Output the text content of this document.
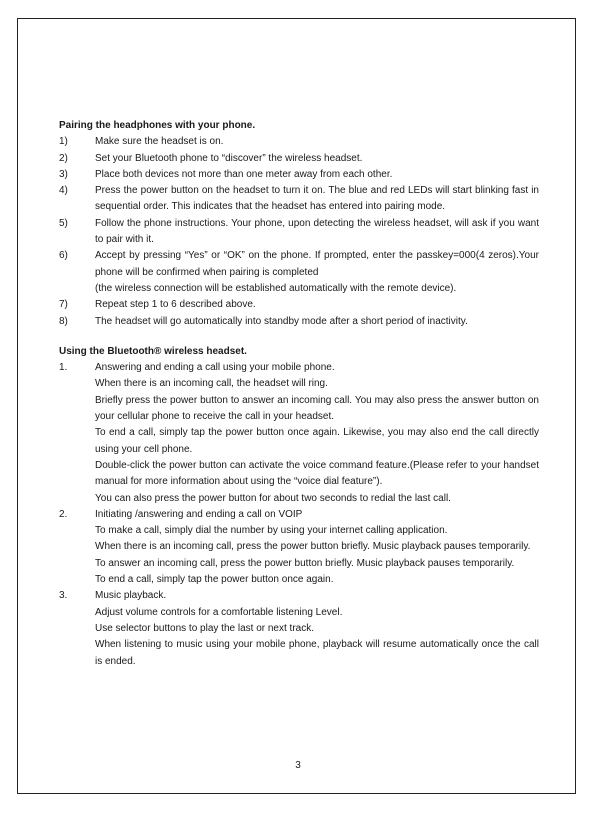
Pairing the headphones with your phone.
1)	Make sure the headset is on.
2)	Set your Bluetooth phone to “discover” the wireless headset.
3)	Place both devices not more than one meter away from each other.
4)	Press the power button on the headset to turn it on. The blue and red LEDs will start blinking fast in sequential order. This indicates that the headset has entered into pairing mode.
5)	Follow the phone instructions. Your phone, upon detecting the wireless headset, will ask if you want to pair with it.
6)	Accept by pressing “Yes” or “OK” on the phone. If prompted, enter the passkey=000(4 zeros).Your phone will be confirmed when pairing is completed
(the wireless connection will be established automatically with the remote device).
7)	Repeat step 1 to 6 described above.
8)	The headset will go automatically into standby mode after a short period of inactivity.
Using the Bluetooth® wireless headset.
1.	Answering and ending a call using your mobile phone.
When there is an incoming call, the headset will ring.
Briefly press the power button to answer an incoming call. You may also press the answer button on your cellular phone to receive the call in your headset.
To end a call, simply tap the power button once again. Likewise, you may also end the call directly using your cell phone.
Double-click the power button can activate the voice command feature.(Please refer to your handset manual for more information about using the “voice dial feature”).
You can also press the power button for about two seconds to redial the last call.
2.	Initiating /answering and ending a call on VOIP
To make a call, simply dial the number by using your internet calling application.
When there is an incoming call, press the power button briefly. Music playback pauses temporarily.
To answer an incoming call, press the power button briefly. Music playback pauses temporarily.
To end a call, simply tap the power button once again.
3.	Music playback.
Adjust volume controls for a comfortable listening Level.
Use selector buttons to play the last or next track.
When listening to music using your mobile phone, playback will resume automatically once the call is ended.
3
